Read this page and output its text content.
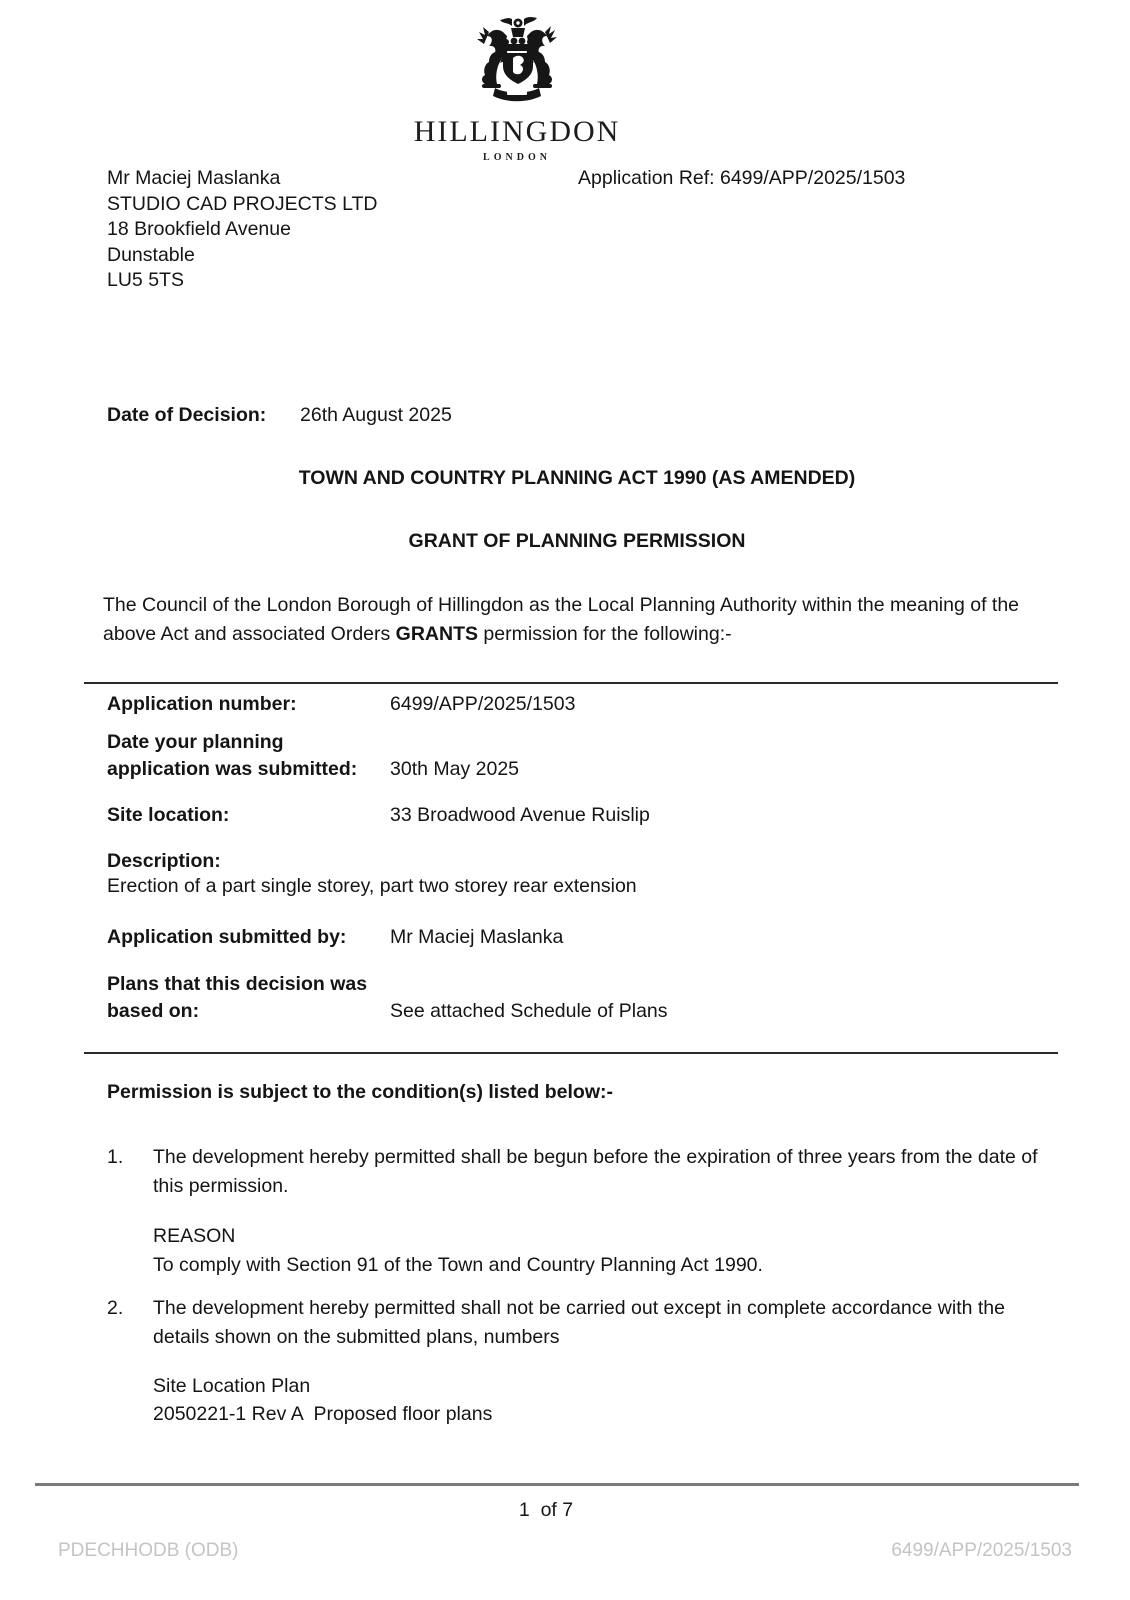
HILLINGDON
LONDON
Mr Maciej Maslanka
STUDIO CAD PROJECTS LTD
18 Brookfield Avenue
Dunstable
LU5 5TS
Application Ref: 6499/APP/2025/1503
Date of Decision: 26th August 2025
TOWN AND COUNTRY PLANNING ACT 1990 (AS AMENDED)
GRANT OF PLANNING PERMISSION
The Council of the London Borough of Hillingdon as the Local Planning Authority within the meaning of the above Act and associated Orders GRANTS permission for the following:-
Application number:	6499/APP/2025/1503
Date your planning application was submitted: 30th May 2025
Site location:	33 Broadwood Avenue Ruislip
Description:
Erection of a part single storey, part two storey rear extension
Application submitted by:	Mr Maciej Maslanka
Plans that this decision was based on:	See attached Schedule of Plans
Permission is subject to the condition(s) listed below:-
1.	The development hereby permitted shall be begun before the expiration of three years from the date of this permission.
REASON
To comply with Section 91 of the Town and Country Planning Act 1990.
2.	The development hereby permitted shall not be carried out except in complete accordance with the details shown on the submitted plans, numbers
Site Location Plan
2050221-1 Rev A  Proposed floor plans
1  of 7
PDECHHODB (ODB)	6499/APP/2025/1503
